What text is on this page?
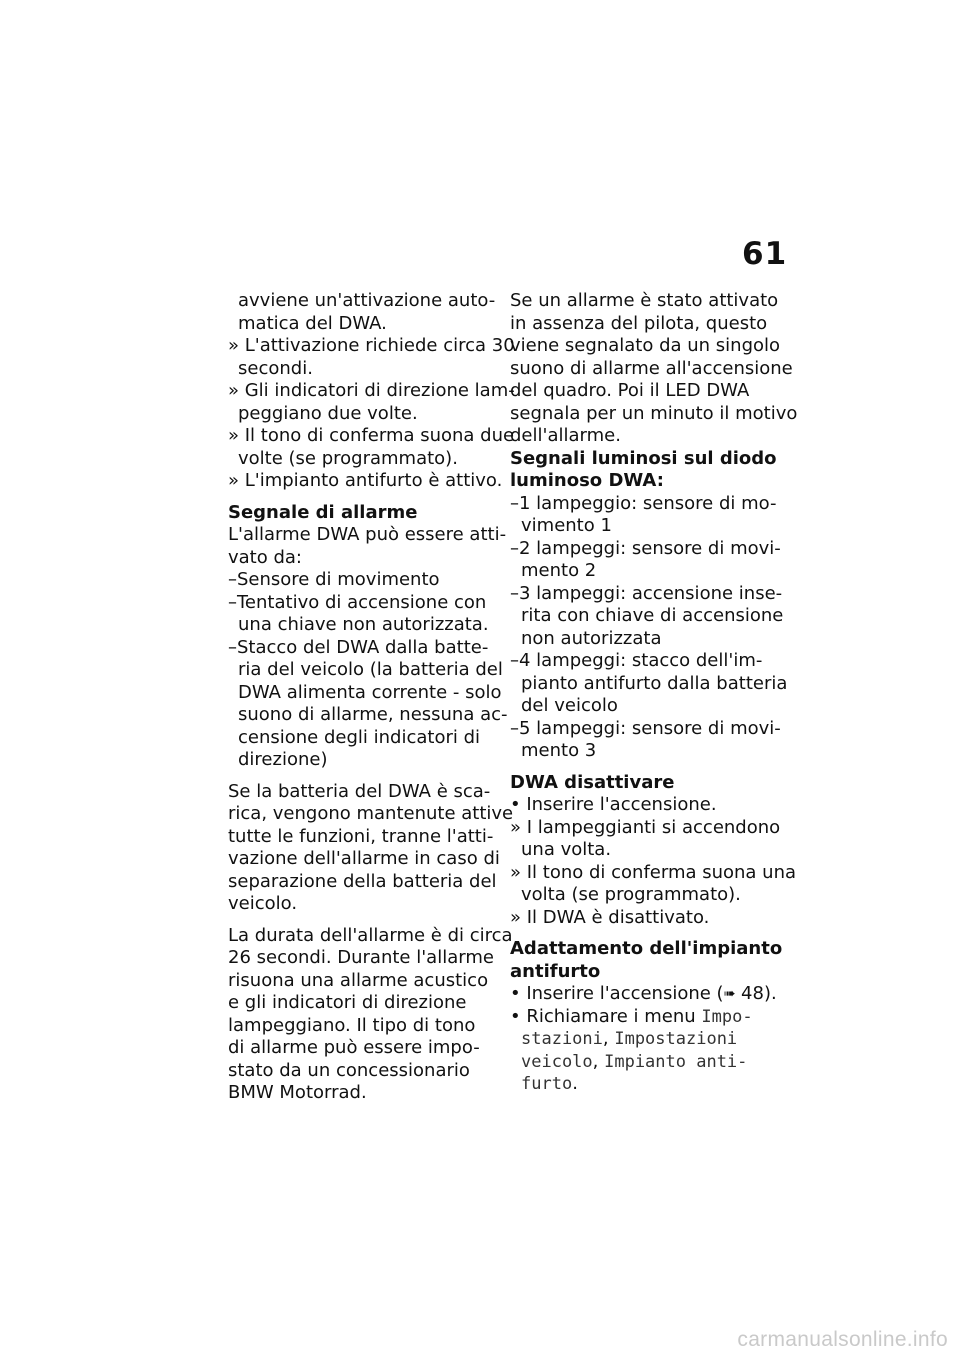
61
avviene un'attivazione auto-
matica del DWA.
» L'attivazione richiede circa 30
secondi.
» Gli indicatori di direzione lam-
peggiano due volte.
» Il tono di conferma suona due
volte (se programmato).
» L'impianto antifurto è attivo.
Segnale di allarme
L'allarme DWA può essere atti-
vato da:
–Sensore di movimento
–Tentativo di accensione con
una chiave non autorizzata.
–Stacco del DWA dalla batte-
ria del veicolo (la batteria del
DWA alimenta corrente - solo
suono di allarme, nessuna ac-
censione degli indicatori di
direzione)
Se la batteria del DWA è sca-
rica, vengono mantenute attive
tutte le funzioni, tranne l'atti-
vazione dell'allarme in caso di
separazione della batteria del
veicolo.
La durata dell'allarme è di circa
26 secondi. Durante l'allarme
risuona una allarme acustico
e gli indicatori di direzione
lampeggiano. Il tipo di tono
di allarme può essere impo-
stato da un concessionario
BMW Motorrad.
Se un allarme è stato attivato
in assenza del pilota, questo
viene segnalato da un singolo
suono di allarme all'accensione
del quadro. Poi il LED DWA
segnala per un minuto il motivo
dell'allarme.
Segnali luminosi sul diodo
luminoso DWA:
–1 lampeggio: sensore di mo-
vimento 1
–2 lampeggi: sensore di movi-
mento 2
–3 lampeggi: accensione inse-
rita con chiave di accensione
non autorizzata
–4 lampeggi: stacco dell'im-
pianto antifurto dalla batteria
del veicolo
–5 lampeggi: sensore di movi-
mento 3
DWA disattivare
• Inserire l'accensione.
» I lampeggianti si accendono
una volta.
» Il tono di conferma suona una
volta (se programmato).
» Il DWA è disattivato.
Adattamento dell'impianto
antifurto
• Inserire l'accensione (➠ 48).
• Richiamare i menu Impo-
stazioni, Impostazioni
veicolo, Impianto anti-
furto.
carmanualsonline.info
